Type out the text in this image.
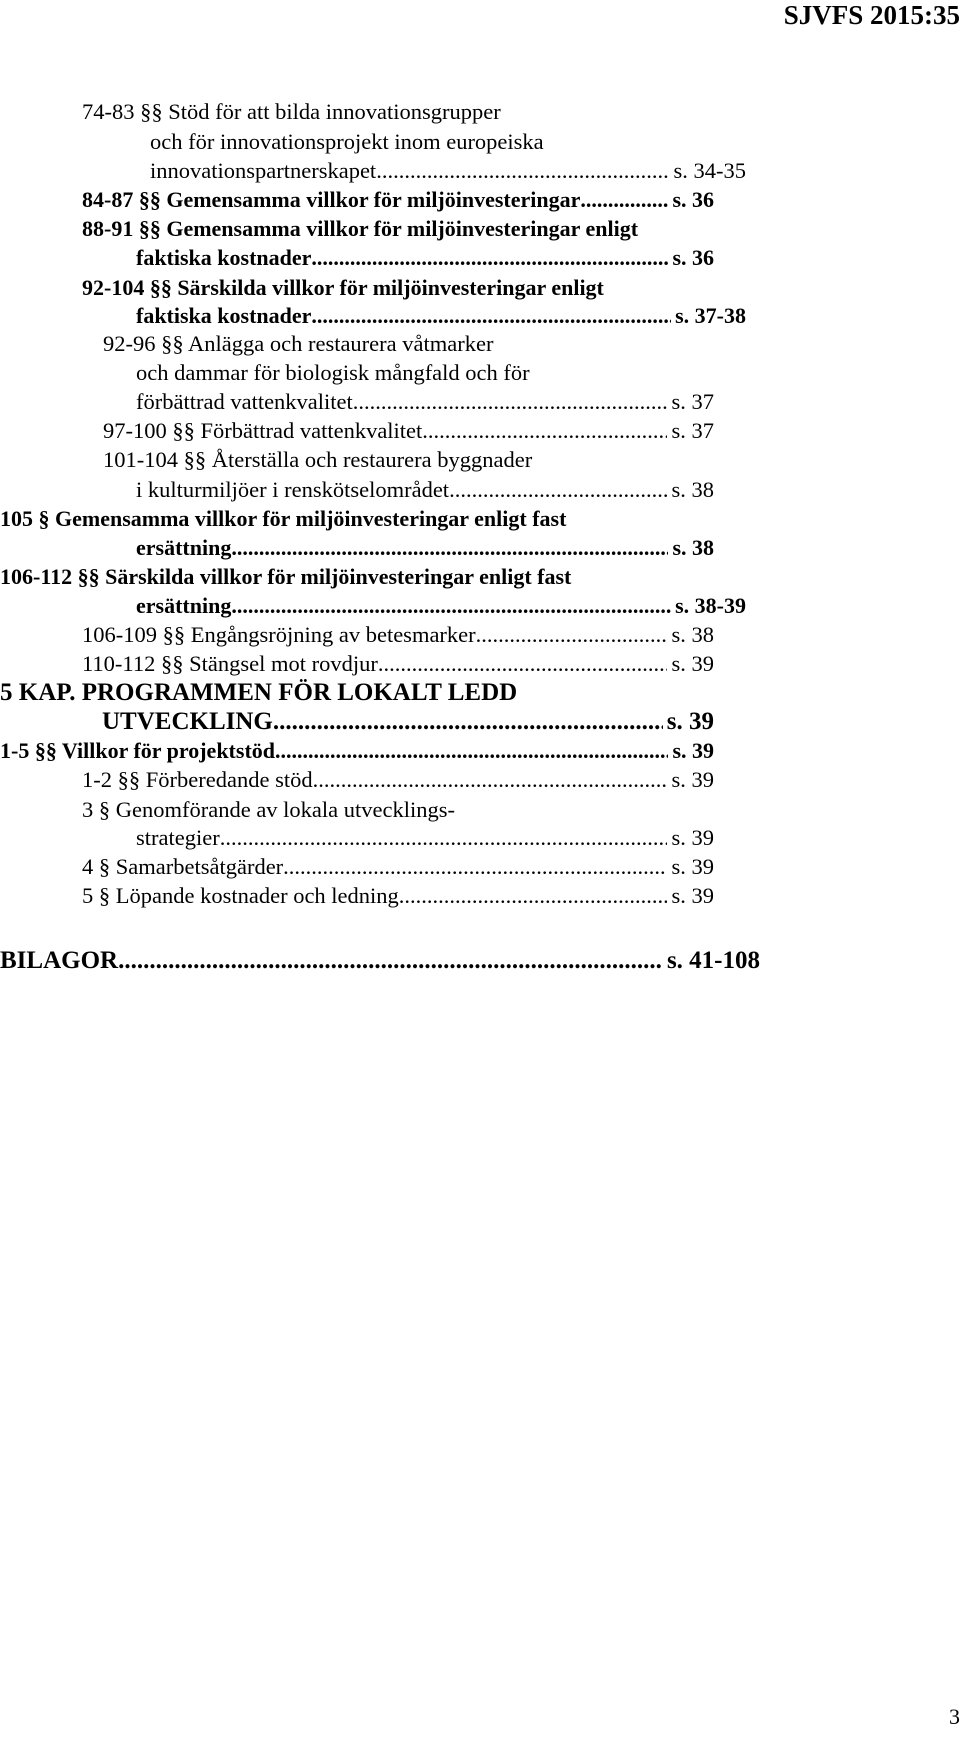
SJVFS 2015:35
74-83 §§ Stöd för att bilda innovationsgrupper
och för innovationsprojekt inom europeiska
innovationspartnerskapet .....	s. 34-35
84-87 §§ Gemensamma villkor för miljöinvesteringar .....	s. 36
88-91 §§ Gemensamma villkor för miljöinvesteringar enligt
faktiska kostnader .....	s. 36
92-104 §§ Särskilda villkor för miljöinvesteringar enligt
faktiska kostnader .....	s. 37-38
92-96 §§ Anlägga och restaurera våtmarker
och dammar för biologisk mångfald och för
förbättrad vattenkvalitet .....	s. 37
97-100 §§ Förbättrad vattenkvalitet .....	s. 37
101-104 §§ Återställa och restaurera byggnader
i kulturmiljöer i renskötselområdet .....	s. 38
105 § Gemensamma villkor för miljöinvesteringar enligt fast
ersättning .....	s. 38
106-112 §§ Särskilda villkor för miljöinvesteringar enligt fast
ersättning .....	s. 38-39
106-109 §§ Engångsröjning av betesmarker .....	s. 38
110-112 §§ Stängsel mot rovdjur .....	s. 39
5 KAP. PROGRAMMEN FÖR LOKALT LEDD
UTVECKLING .....	s. 39
1-5 §§ Villkor för projektstöd .....	s. 39
1-2 §§ Förberedande stöd .....	s. 39
3 § Genomförande av lokala utvecklings-
strategier .....	s. 39
4 § Samarbetsåtgärder .....	s. 39
5 § Löpande kostnader och ledning .....	s. 39
BILAGOR .....	s. 41-108
3
